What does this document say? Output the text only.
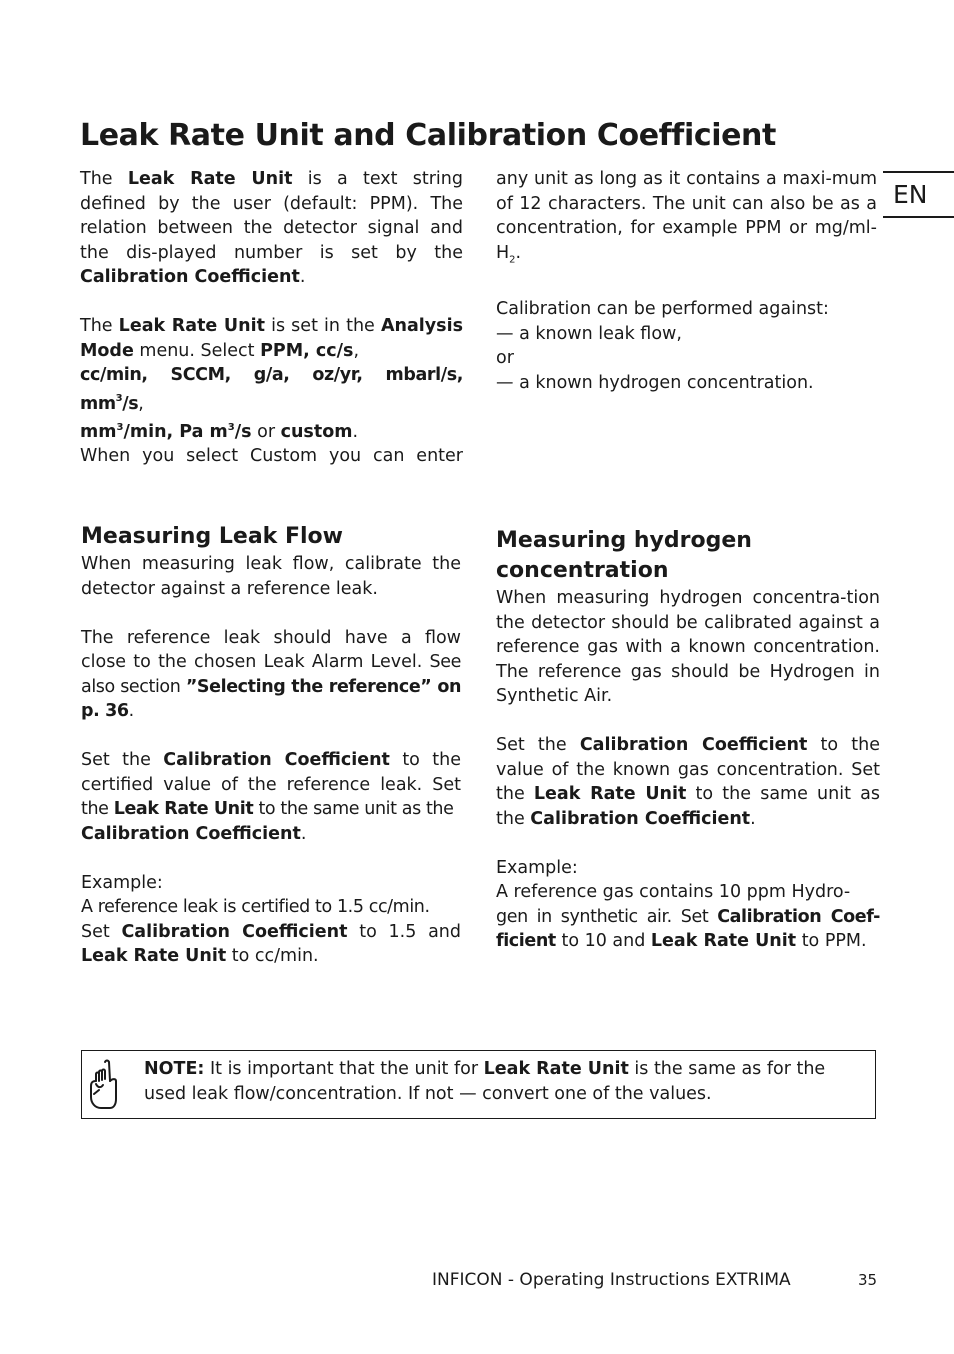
Leak Rate Unit and Calibration Coefficient
EN

The Leak Rate Unit is a text string defined by the user (default: PPM). The relation between the detector signal and the dis-played number is set by the Calibration Coefficient.

The Leak Rate Unit is set in the Analysis Mode menu. Select PPM, cc/s,
cc/min, SCCM, g/a, oz/yr, mbarl/s, $mm^3/s$,
$mm^3/\min$, Pa $m^3/s$ or custom.

When you select Custom you can enter

any unit as long as it contains a maxi-mum of 12 characters. The unit can also be as a concentration, for example PPM or $mg/ml-H_2$.

Calibration can be performed against:
— a known leak flow,
or
— a known hydrogen concentration.

Measuring Leak Flow

When measuring leak flow, calibrate the detector against a reference leak.

The reference leak should have a flow close to the chosen Leak Alarm Level. See also section ”Selecting the reference” on p. 36.

Set the Calibration Coefficient to the certified value of the reference leak. Set the Leak Rate Unit to the same unit as the
Calibration Coefficient.

Example:
A reference leak is certified to 1.5 cc/min.
Set Calibration Coefficient to 1.5 and Leak Rate Unit to cc/min.

Measuring hydrogen
concentration

When measuring hydrogen concentra-tion the detector should be calibrated against a reference gas with a known concentration. The reference gas should be Hydrogen in Synthetic Air.

Set the Calibration Coefficient to the value of the known gas concentration. Set the Leak Rate Unit to the same unit as the Calibration Coefficient.

Example:
A reference gas contains 10 ppm Hydro-
gen in synthetic air. Set Calibration Coef-ficient to 10 and Leak Rate Unit to PPM.

NOTE: It is important that the unit for Leak Rate Unit is the same as for the used leak flow/concentration. If not — convert one of the values.
INFICON - Operating Instructions EXTRIMA	35
